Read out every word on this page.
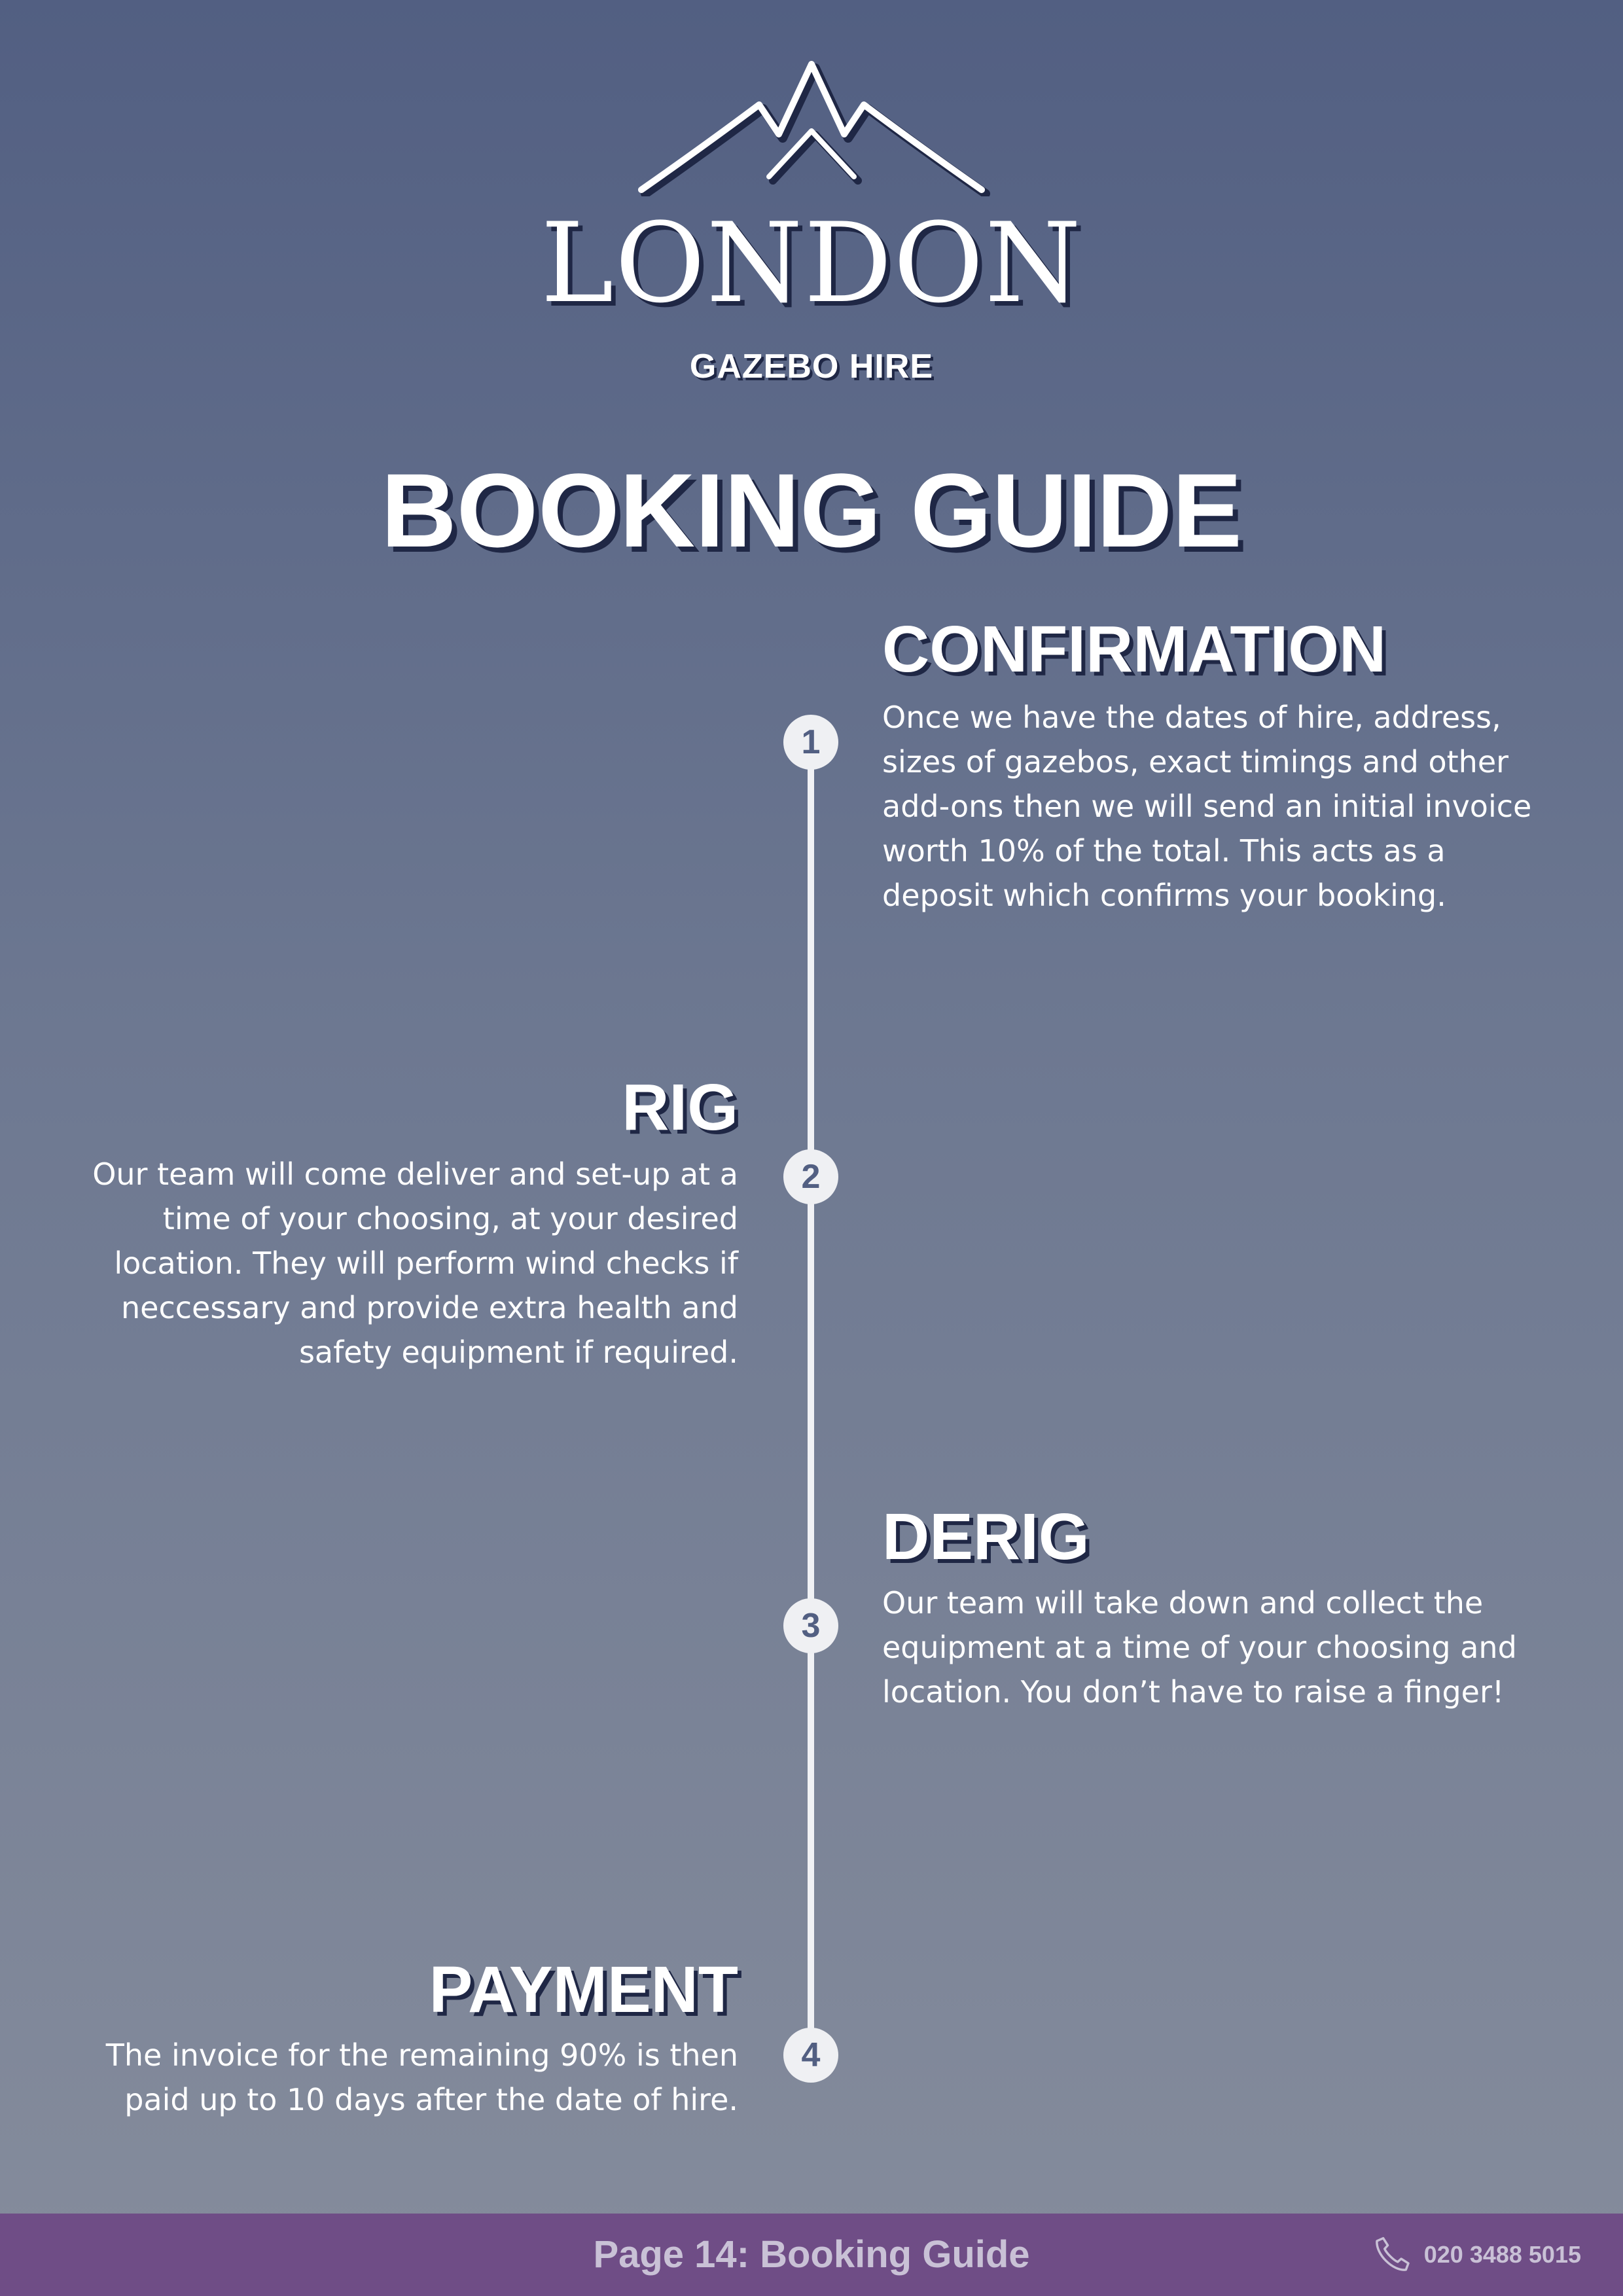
LONDON
GAZEBO HIRE
BOOKING GUIDE
CONFIRMATION
1

Once we have the dates of hire, address, sizes of gazebos, exact timings and other add-ons then we will send an initial invoice worth 10% of the total. This acts as a deposit which confirms your booking.

RIG
2

Our team will come deliver and set-up at a time of your choosing, at your desired location. They will perform wind checks if neccessary and provide extra health and safety equipment if required.

DERIG
3

Our team will take down and collect the equipment at a time of your choosing and location. You don’t have to raise a finger!

PAYMENT
4

The invoice for the remaining 90% is then paid up to 10 days after the date of hire.

Page 14: Booking Guide	020 3488 5015
